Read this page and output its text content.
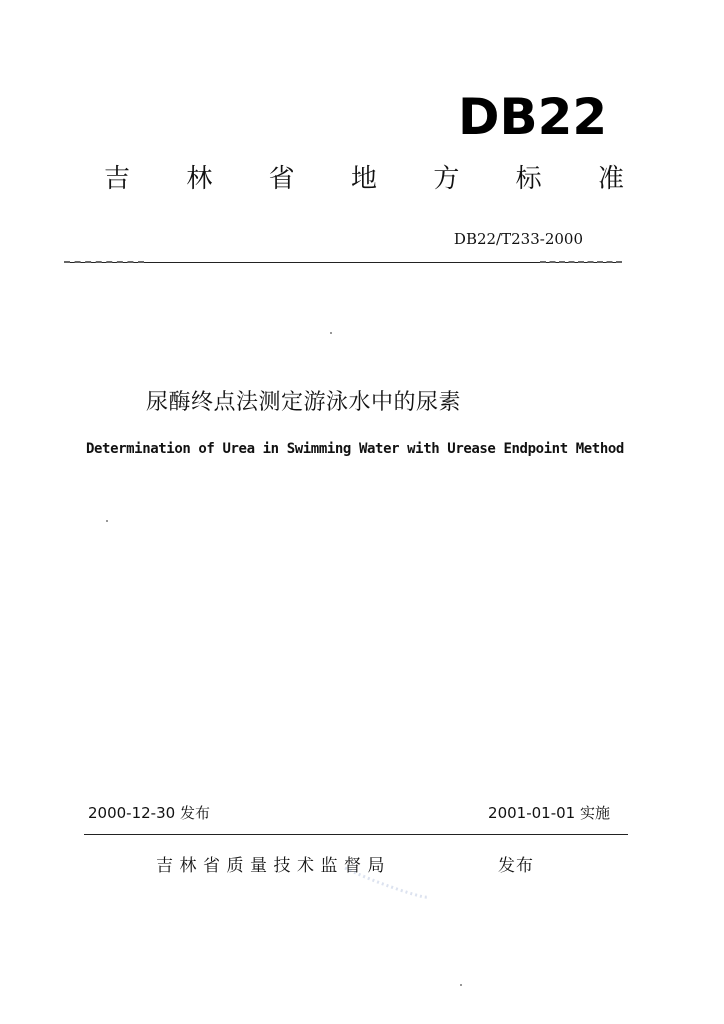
DB22
吉 林 省 地 方 标 准
DB22/T233-2000
尿酶终点法测定游泳水中的尿素
Determination of Urea in Swimming Water with Urease Endpoint Method
2000-12-30 发布	2001-01-01 实施
吉林省质量技术监督局	发布
